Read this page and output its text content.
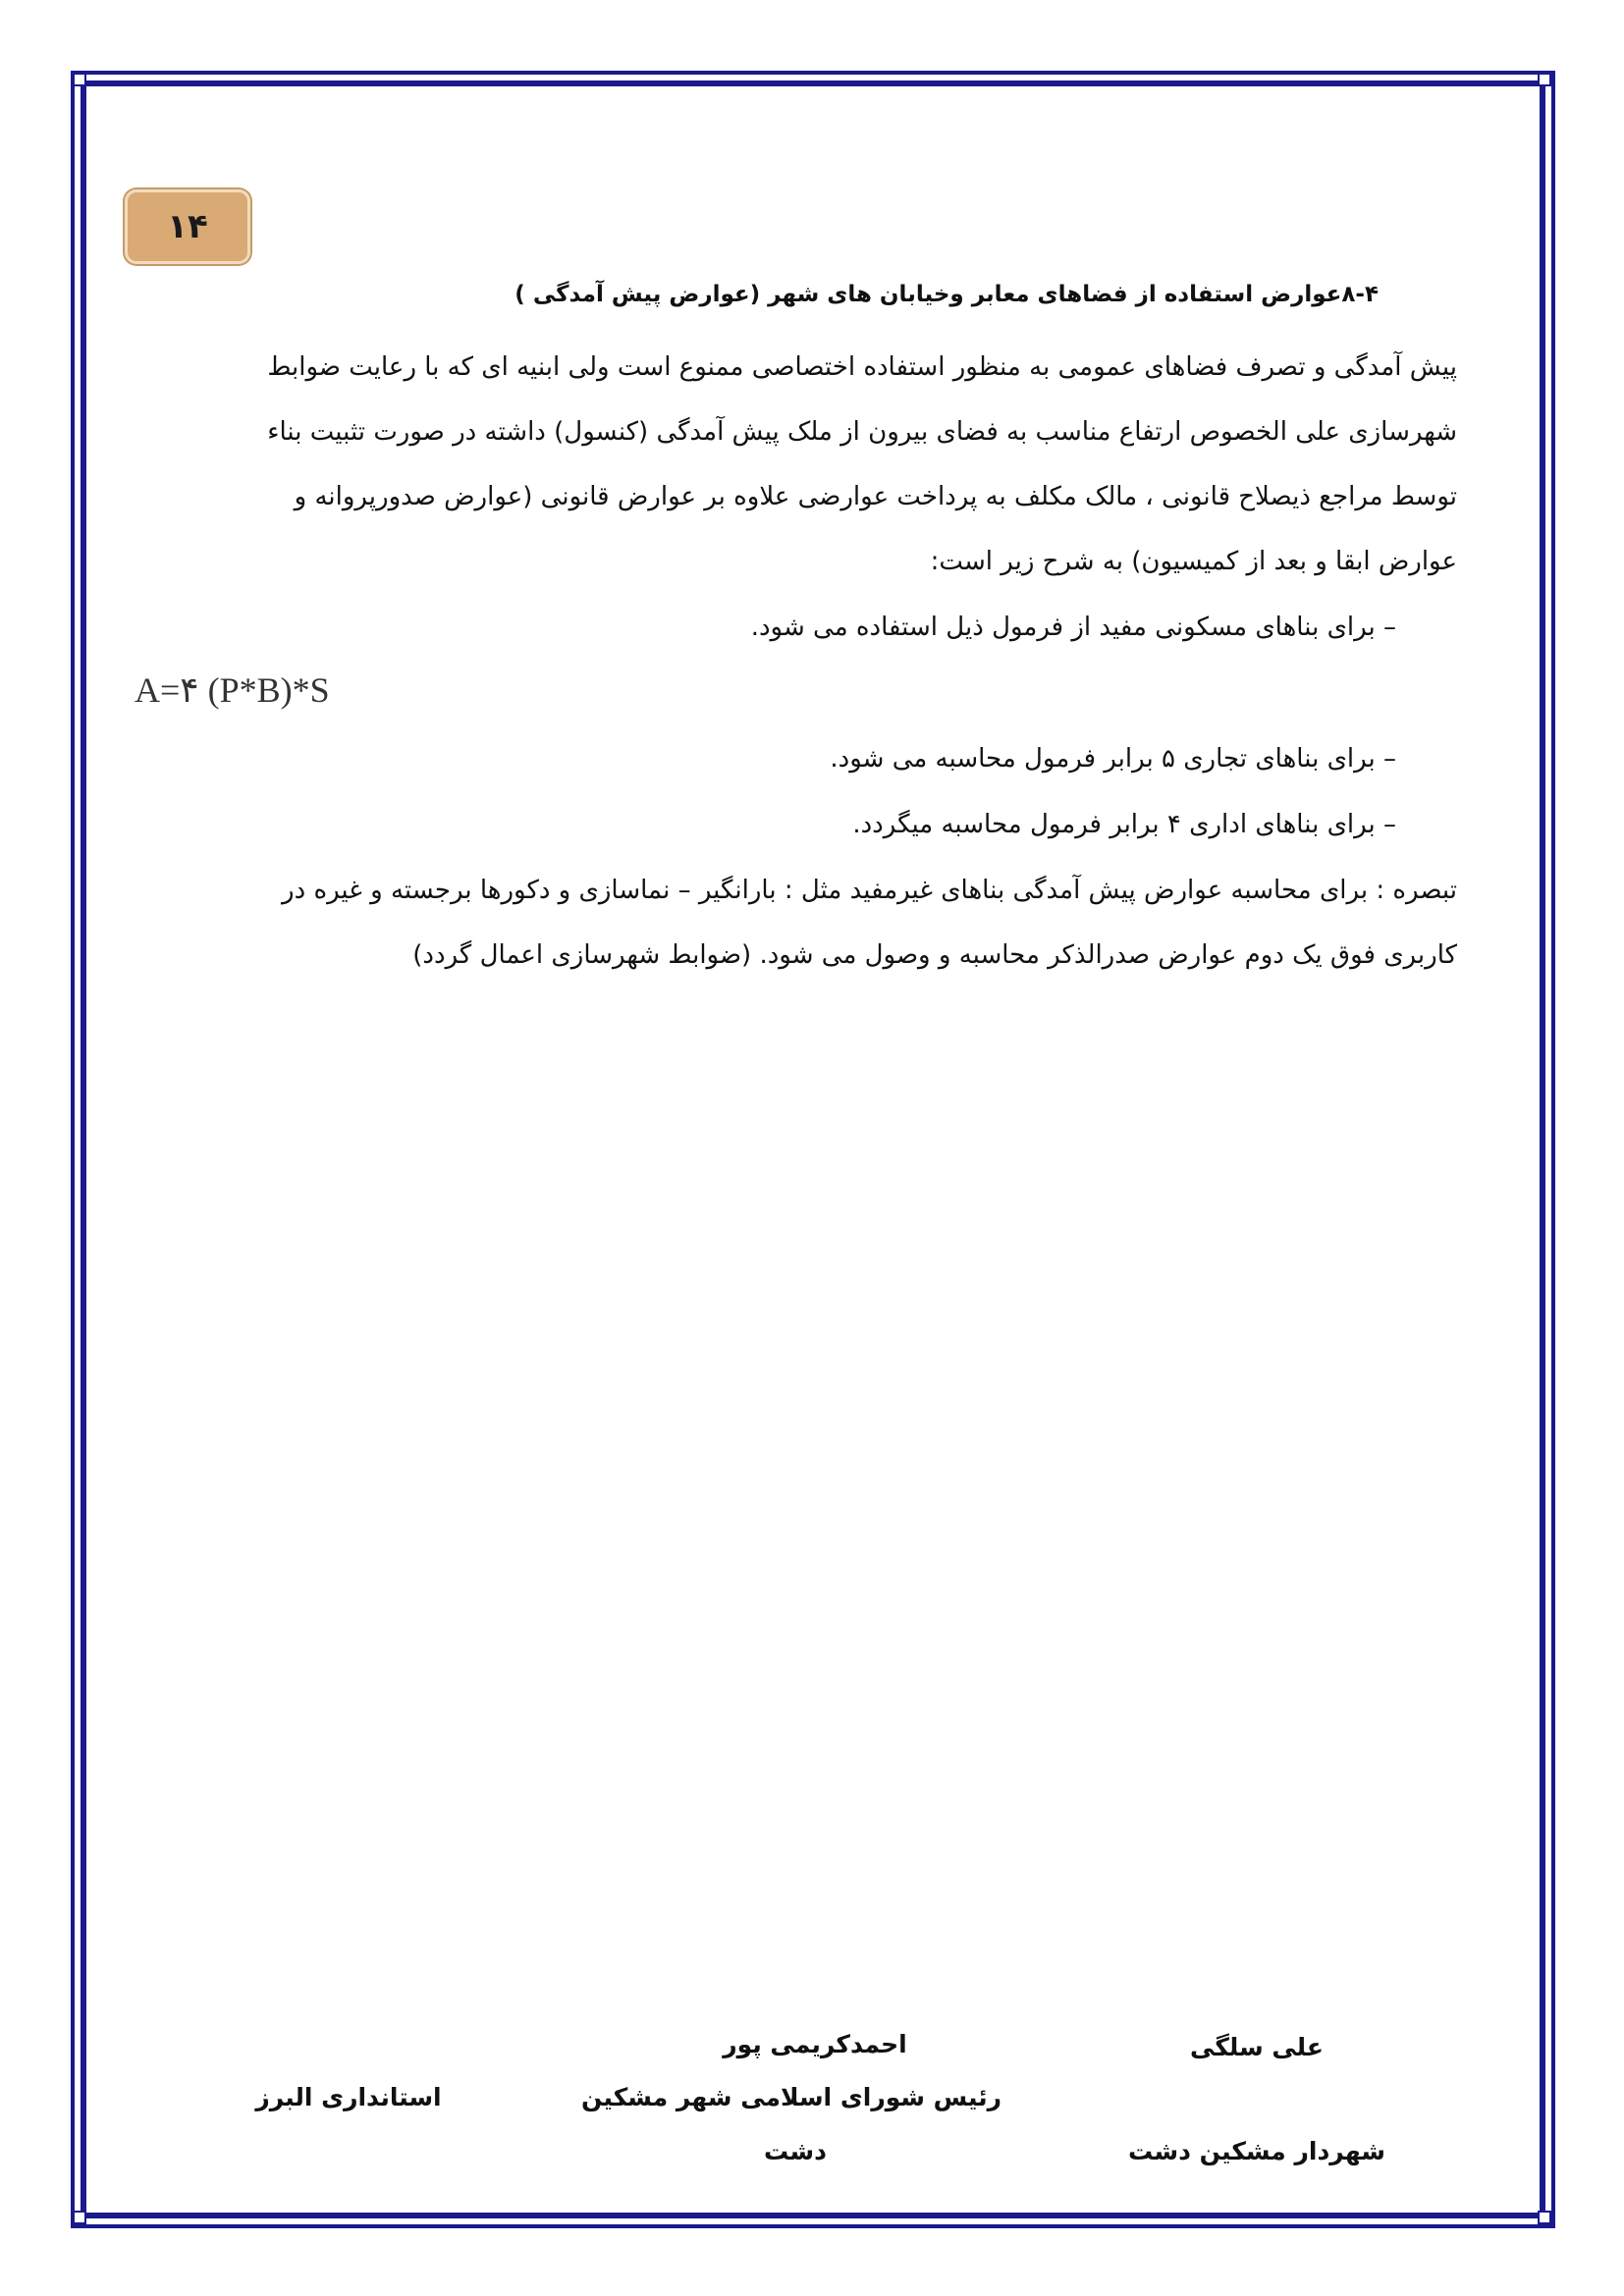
۱۴
۸-۴عوارض استفاده از فضاهای معابر وخیابان های شهر (عوارض پیش آمدگی )
پیش آمدگی و تصرف فضاهای عمومی به منظور استفاده اختصاصی ممنوع است ولی ابنیه ای که با رعایت ضوابط
شهرسازی علی الخصوص ارتفاع مناسب به فضای بیرون از ملک پیش آمدگی (کنسول) داشته در صورت تثبیت بناء
توسط مراجع ذیصلاح قانونی ، مالک مکلف به پرداخت عوارضی علاوه بر عوارض قانونی (عوارض صدورپروانه و
عوارض ابقا و بعد از کمیسیون) به شرح زیر است:
– برای بناهای مسکونی مفید از فرمول ذیل استفاده می شود.
A=۴ (P*B)*S
– برای بناهای تجاری ۵ برابر فرمول محاسبه می شود.
– برای بناهای اداری ۴ برابر فرمول محاسبه میگردد.
تبصره : برای محاسبه عوارض پیش آمدگی بناهای غیرمفید مثل : بارانگیر – نماسازی و دکورها برجسته و غیره در
کاربری فوق یک دوم عوارض صدرالذکر محاسبه و وصول می شود. (ضوابط شهرسازی اعمال گردد)
علی سلگی
شهردار مشکین دشت
احمدکریمی پور
رئیس شورای اسلامی شهر مشکین
دشت
استانداری البرز
